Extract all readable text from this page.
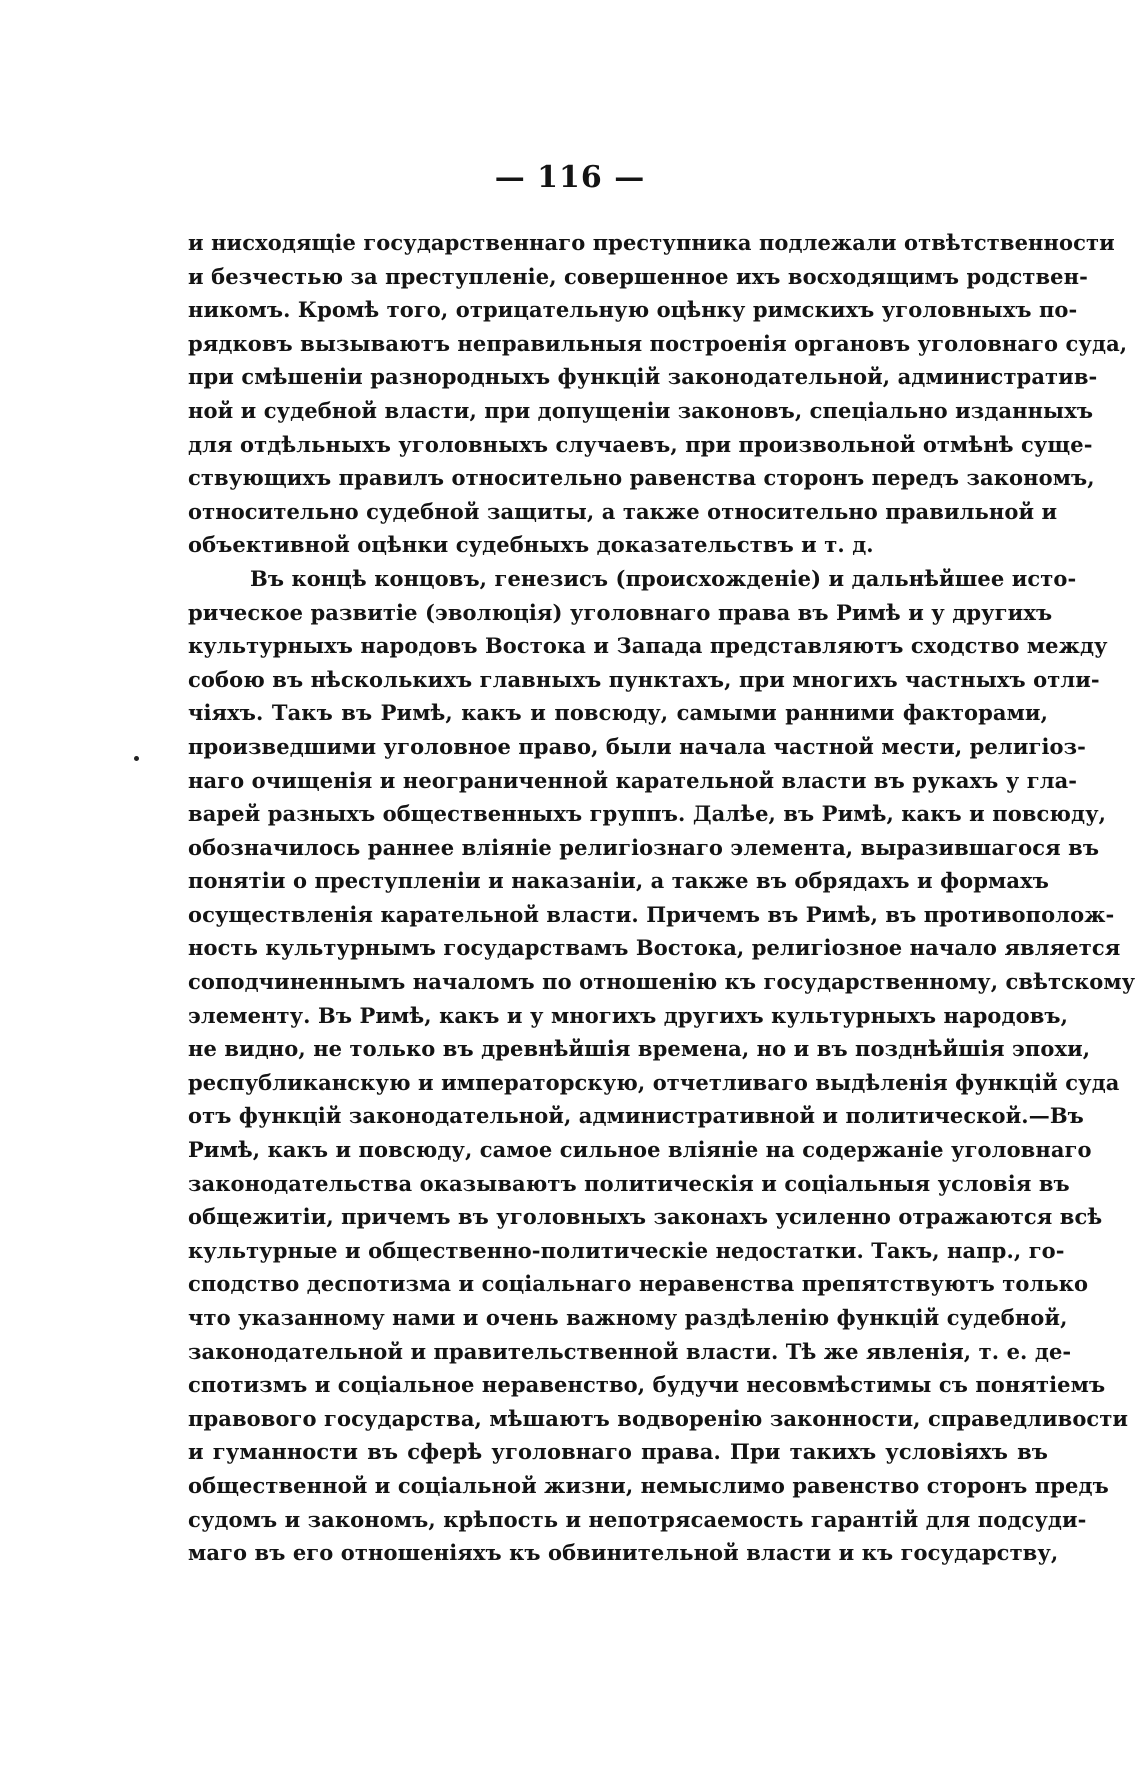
— 116 —
и нисходящіе государственнаго преступника подлежали отвѣтственности
и безчестью за преступленіе, совершенное ихъ восходящимъ родствен-
никомъ. Кромѣ того, отрицательную оцѣнку римскихъ уголовныхъ по-
рядковъ вызываютъ неправильныя построенія органовъ уголовнаго суда,
при смѣшеніи разнородныхъ функцій законодательной, административ-
ной и судебной власти, при допущеніи законовъ, спеціально изданныхъ
для отдѣльныхъ уголовныхъ случаевъ, при произвольной отмѣнѣ суще-
ствующихъ правилъ относительно равенства сторонъ передъ закономъ,
относительно судебной защиты, а также относительно правильной и
объективной оцѣнки судебныхъ доказательствъ и т. д.
Въ концѣ концовъ, генезисъ (происхожденіе) и дальнѣйшее исто-
рическое развитіе (эволюція) уголовнаго права въ Римѣ и у другихъ
культурныхъ народовъ Востока и Запада представляютъ сходство между
собою въ нѣсколькихъ главныхъ пунктахъ, при многихъ частныхъ отли-
чіяхъ. Такъ въ Римѣ, какъ и повсюду, самыми ранними факторами,
произведшими уголовное право, были начала частной мести, религіоз-
наго очищенія и неограниченной карательной власти въ рукахъ у гла-
варей разныхъ общественныхъ группъ. Далѣе, въ Римѣ, какъ и повсюду,
обозначилось раннее вліяніе религіознаго элемента, выразившагося въ
понятіи о преступленіи и наказаніи, а также въ обрядахъ и формахъ
осуществленія карательной власти. Причемъ въ Римѣ, въ противополож-
ность культурнымъ государствамъ Востока, религіозное начало является
соподчиненнымъ началомъ по отношенію къ государственному, свѣтскому
элементу. Въ Римѣ, какъ и у многихъ другихъ культурныхъ народовъ,
не видно, не только въ древнѣйшія времена, но и въ позднѣйшія эпохи,
республиканскую и императорскую, отчетливаго выдѣленія функцій суда
отъ функцій законодательной, административной и политической.—Въ
Римѣ, какъ и повсюду, самое сильное вліяніе на содержаніе уголовнаго
законодательства оказываютъ политическія и соціальныя условія въ
общежитіи, причемъ въ уголовныхъ законахъ усиленно отражаются всѣ
культурные и общественно-политическіе недостатки. Такъ, напр., го-
сподство деспотизма и соціальнаго неравенства препятствуютъ только
что указанному нами и очень важному раздѣленію функцій судебной,
законодательной и правительственной власти. Тѣ же явленія, т. е. де-
спотизмъ и соціальное неравенство, будучи несовмѣстимы съ понятіемъ
правового государства, мѣшаютъ водворенію законности, справедливости
и гуманности въ сферѣ уголовнаго права. При такихъ условіяхъ въ
общественной и соціальной жизни, немыслимо равенство сторонъ предъ
судомъ и закономъ, крѣпость и непотрясаемость гарантій для подсуди-
маго въ его отношеніяхъ къ обвинительной власти и къ государству,
